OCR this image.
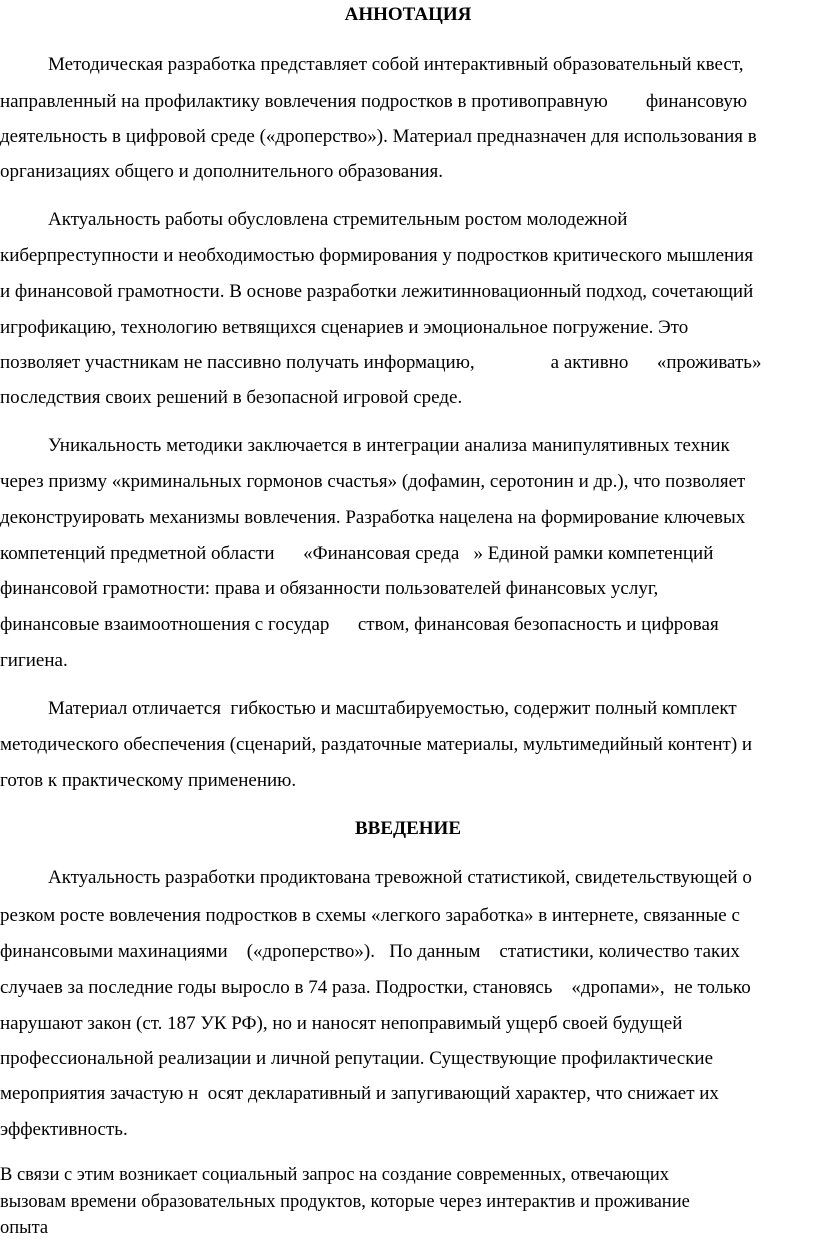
АННОТАЦИЯ
Методическая разработка представляет собой интерактивный образовательный квест,
направленный на профилактику вовлечения подростков в противоправную        финансовую
деятельность в цифровой среде («дроперство»). Материал предназначен для использования в
организациях общего и дополнительного образования.
Актуальность работы обусловлена стремительным ростом молодежной
киберпреступности и необходимостью формирования у подростков критического мышления
и финансовой грамотности. В основе разработки лежитинновационный подход, сочетающий
игрофикацию, технологию ветвящихся сценариев и эмоциональное погружение. Это
позволяет участникам не пассивно получать информацию,                а активно      «проживать»
последствия своих решений в безопасной игровой среде.
Уникальность методики заключается в интеграции анализа манипулятивных техник
через призму «криминальных гормонов счастья» (дофамин, серотонин и др.), что позволяет
деконструировать механизмы вовлечения. Разработка нацелена на формирование ключевых
компетенций предметной области      «Финансовая среда   » Единой рамки компетенций
финансовой грамотности: права и обязанности пользователей финансовых услуг,
финансовые взаимоотношения с государ      ством, финансовая безопасность и цифровая
гигиена.
Материал отличается  гибкостью и масштабируемостью, содержит полный комплект
методического обеспечения (сценарий, раздаточные материалы, мультимедийный контент) и
готов к практическому применению.
ВВЕДЕНИЕ
Актуальность разработки продиктована тревожной статистикой, свидетельствующей о
резком росте вовлечения подростков в схемы «легкого заработка» в интернете, связанные с
финансовыми махинациями    («дроперство»).   По данным    статистики, количество таких
случаев за последние годы выросло в 74 раза. Подростки, становясь    «дропами»,  не только
нарушают закон (ст. 187 УК РФ), но и наносят непоправимый ущерб своей будущей
профессиональной реализации и личной репутации. Существующие профилактические
мероприятия зачастую н  осят декларативный и запугивающий характер, что снижает их
эффективность.
В связи с этим возникает социальный запрос на создание современных, отвечающих
вызовам времени образовательных продуктов, которые через интерактив и проживание
опыта
